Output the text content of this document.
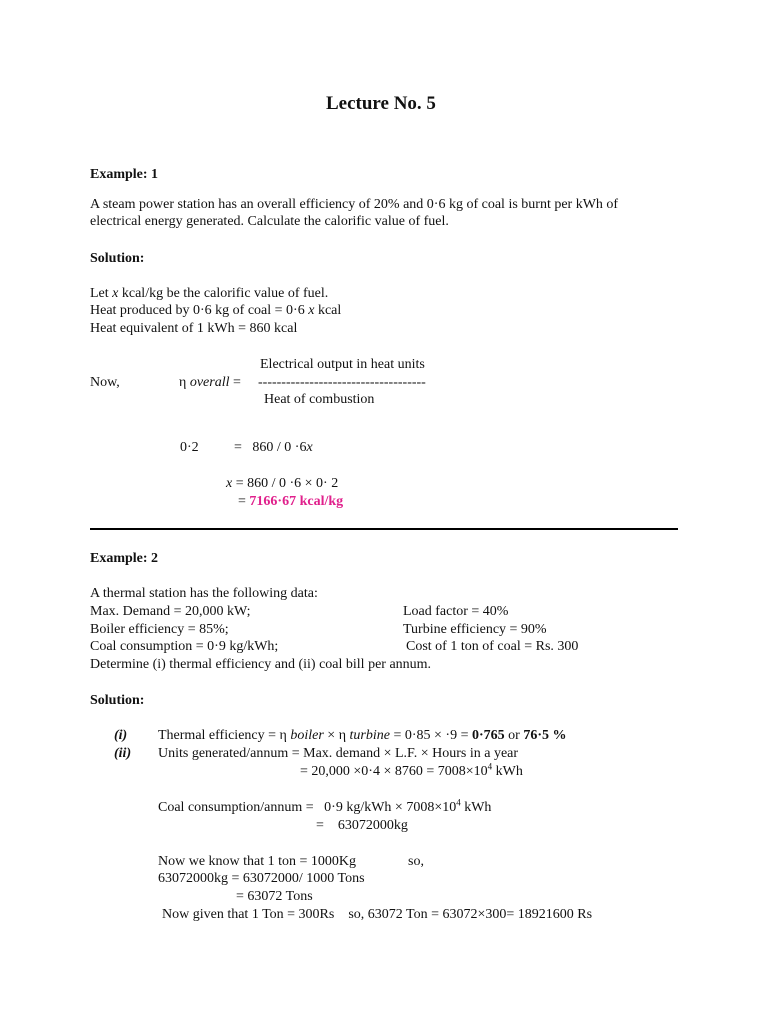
Lecture No. 5
Example: 1
A steam power station has an overall efficiency of 20% and 0·6 kg of coal is burnt per kWh of
electrical energy generated. Calculate the calorific value of fuel.
Solution:
Let x kcal/kg be the calorific value of fuel.
Heat produced by 0·6 kg of coal = 0·6 x kcal
Heat equivalent of 1 kWh = 860 kcal
Electrical output in heat units
Now,	η overall = ------------------------------------
Heat of combustion
0·2	=   860 / 0 ·6x
x = 860 / 0 ·6 × 0· 2
= 7166·67 kcal/kg
Example: 2
A thermal station has the following data:
Max. Demand = 20,000 kW;	Load factor = 40%
Boiler efficiency = 85%;	Turbine efficiency = 90%
Coal consumption = 0·9 kg/kWh;	Cost of 1 ton of coal = Rs. 300
Determine (i) thermal efficiency and (ii) coal bill per annum.
Solution:
(i) Thermal efficiency = η boiler × η turbine = 0·85 × ·9 = 0·765 or 76·5 %
(ii) Units generated/annum = Max. demand × L.F. × Hours in a year
= $20,000 \times 0\cdot 4 \times 8760 = 7008\times 10^4$ kWh
Coal consumption/annum =   0·9 $kg/kWh \times 7008\times 10^4$ kWh
=    63072000kg
Now we know that 1 ton = 1000Kg	so,
63072000kg = 63072000/ 1000 Tons
= 63072 Tons
Now given that 1 Ton = 300Rs    so, 63072 Ton = 63072×300= 18921600 Rs
